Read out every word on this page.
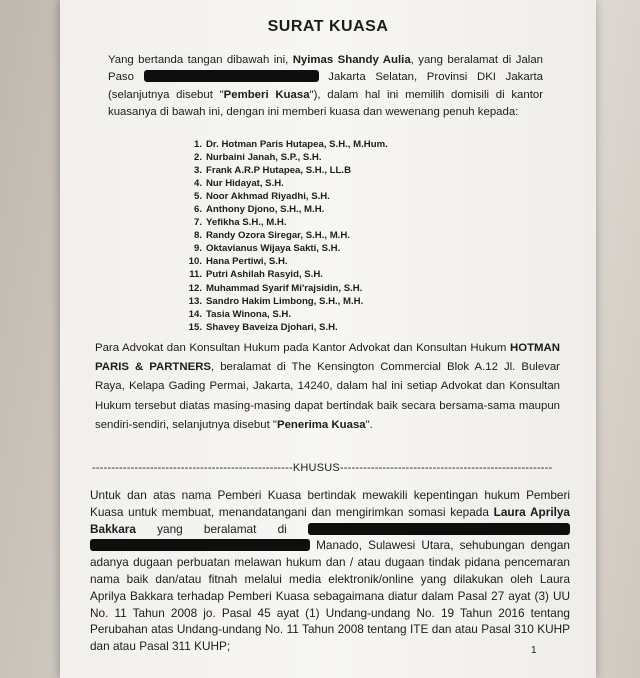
SURAT KUASA
Yang bertanda tangan dibawah ini, Nyimas Shandy Aulia, yang beralamat di Jalan Paso	Jakarta Selatan, Provinsi DKI Jakarta (selanjutnya disebut "Pemberi Kuasa"), dalam hal ini memilih domisili di kantor kuasanya di bawah ini, dengan ini memberi kuasa dan wewenang penuh kepada:
1. Dr. Hotman Paris Hutapea, S.H., M.Hum.
2. Nurbaini Janah, S.P., S.H.
3. Frank A.R.P Hutapea, S.H., LL.B
4. Nur Hidayat, S.H.
5. Noor Akhmad Riyadhi, S.H.
6. Anthony Djono, S.H., M.H.
7. Yefikha S.H., M.H.
8. Randy Ozora Siregar, S.H., M.H.
9. Oktavianus Wijaya Sakti, S.H.
10. Hana Pertiwi, S.H.
11. Putri Ashilah Rasyid, S.H.
12. Muhammad Syarif Mi'rajsidin, S.H.
13. Sandro Hakim Limbong, S.H., M.H.
14. Tasia Winona, S.H.
15. Shavey Baveiza Djohari, S.H.
Para Advokat dan Konsultan Hukum pada Kantor Advokat dan Konsultan Hukum HOTMAN PARIS & PARTNERS, beralamat di The Kensington Commercial Blok A.12 Jl. Bulevar Raya, Kelapa Gading Permai, Jakarta, 14240, dalam hal ini setiap Advokat dan Konsultan Hukum tersebut diatas masing-masing dapat bertindak baik secara bersama-sama maupun sendiri-sendiri, selanjutnya disebut "Penerima Kuasa".
----------------------------------------------------KHUSUS-------------------------------------------------------
Untuk dan atas nama Pemberi Kuasa bertindak mewakili kepentingan hukum Pemberi Kuasa untuk membuat, menandatangani dan mengirimkan somasi kepada Laura Aprilya Bakkara yang beralamat di   Manado, Sulawesi Utara, sehubungan dengan adanya dugaan perbuatan melawan hukum dan / atau dugaan tindak pidana pencemaran nama baik dan/atau fitnah melalui media elektronik/online yang dilakukan oleh Laura Aprilya Bakkara terhadap Pemberi Kuasa sebagaimana diatur dalam Pasal 27 ayat (3) UU No. 11 Tahun 2008 jo. Pasal 45 ayat (1) Undang-undang No. 19 Tahun 2016 tentang Perubahan atas Undang-undang No. 11 Tahun 2008 tentang ITE dan atau Pasal 310 KUHP dan atau Pasal 311 KUHP;	1
